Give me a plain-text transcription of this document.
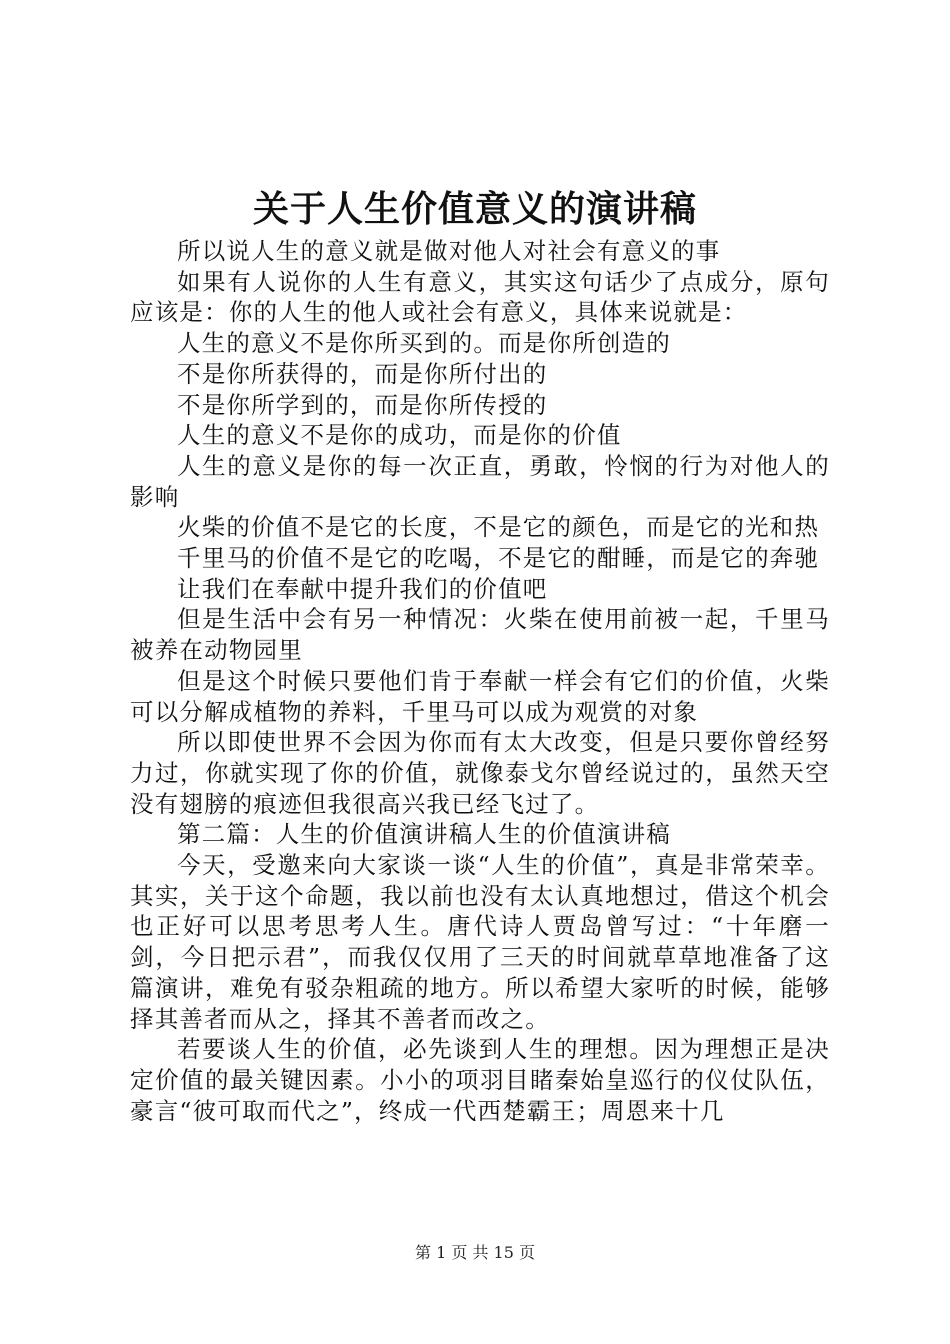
关于人生价值意义的演讲稿

所以说人生的意义就是做对他人对社会有意义的事

如果有人说你的人生有意义，其实这句话少了点成分，原句应该是：你的人生的他人或社会有意义，具体来说就是：

人生的意义不是你所买到的。而是你所创造的

不是你所获得的，而是你所付出的

不是你所学到的，而是你所传授的

人生的意义不是你的成功，而是你的价值

人生的意义是你的每一次正直，勇敢，怜悯的行为对他人的影响

火柴的价值不是它的长度，不是它的颜色，而是它的光和热

千里马的价值不是它的吃喝，不是它的酣睡，而是它的奔驰

让我们在奉献中提升我们的价值吧

但是生活中会有另一种情况：火柴在使用前被一起，千里马被养在动物园里

但是这个时候只要他们肯于奉献一样会有它们的价值，火柴可以分解成植物的养料，千里马可以成为观赏的对象

所以即使世界不会因为你而有太大改变，但是只要你曾经努力过，你就实现了你的价值，就像泰戈尔曾经说过的，虽然天空没有翅膀的痕迹但我很高兴我已经飞过了。

第二篇：人生的价值演讲稿人生的价值演讲稿

今天，受邀来向大家谈一谈“人生的价值”，真是非常荣幸。其实，关于这个命题，我以前也没有太认真地想过，借这个机会也正好可以思考思考人生。唐代诗人贾岛曾写过：“十年磨一剑，今日把示君”，而我仅仅用了三天的时间就草草地准备了这篇演讲，难免有驳杂粗疏的地方。所以希望大家听的时候，能够择其善者而从之，择其不善者而改之。

若要谈人生的价值，必先谈到人生的理想。因为理想正是决定价值的最关键因素。小小的项羽目睹秦始皇巡行的仪仗队伍，豪言“彼可取而代之”，终成一代西楚霸王；周恩来十几

第 1 页 共 15 页
